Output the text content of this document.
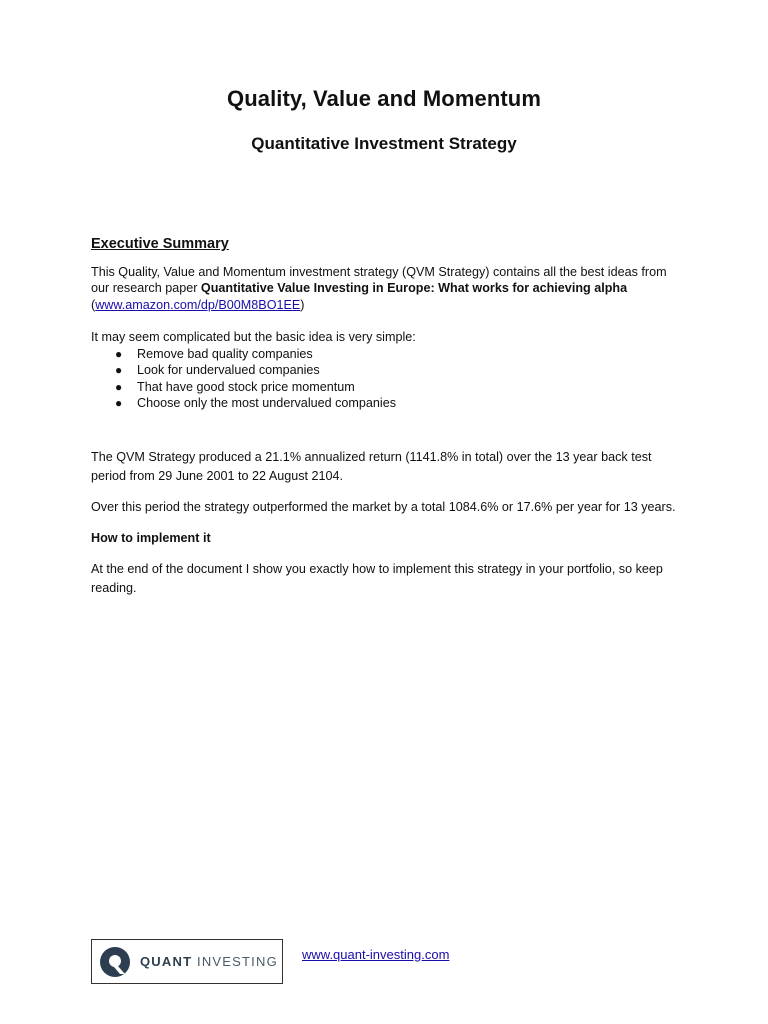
Quality, Value and Momentum
Quantitative Investment Strategy
Executive Summary

This Quality, Value and Momentum investment strategy (QVM Strategy) contains all the best ideas from our research paper Quantitative Value Investing in Europe: What works for achieving alpha (www.amazon.com/dp/B00M8BO1EE)

It may seem complicated but the basic idea is very simple:

●	Remove bad quality companies
●	Look for undervalued companies
●	That have good stock price momentum
●	Choose only the most undervalued companies

The QVM Strategy produced a 21.1% annualized return (1141.8% in total) over the 13 year back test period from 29 June 2001 to 22 August 2104.

Over this period the strategy outperformed the market by a total 1084.6% or 17.6% per year for 13 years.

How to implement it

At the end of the document I show you exactly how to implement this strategy in your portfolio, so keep reading.

QUANT INVESTING www.quant-investing.com
